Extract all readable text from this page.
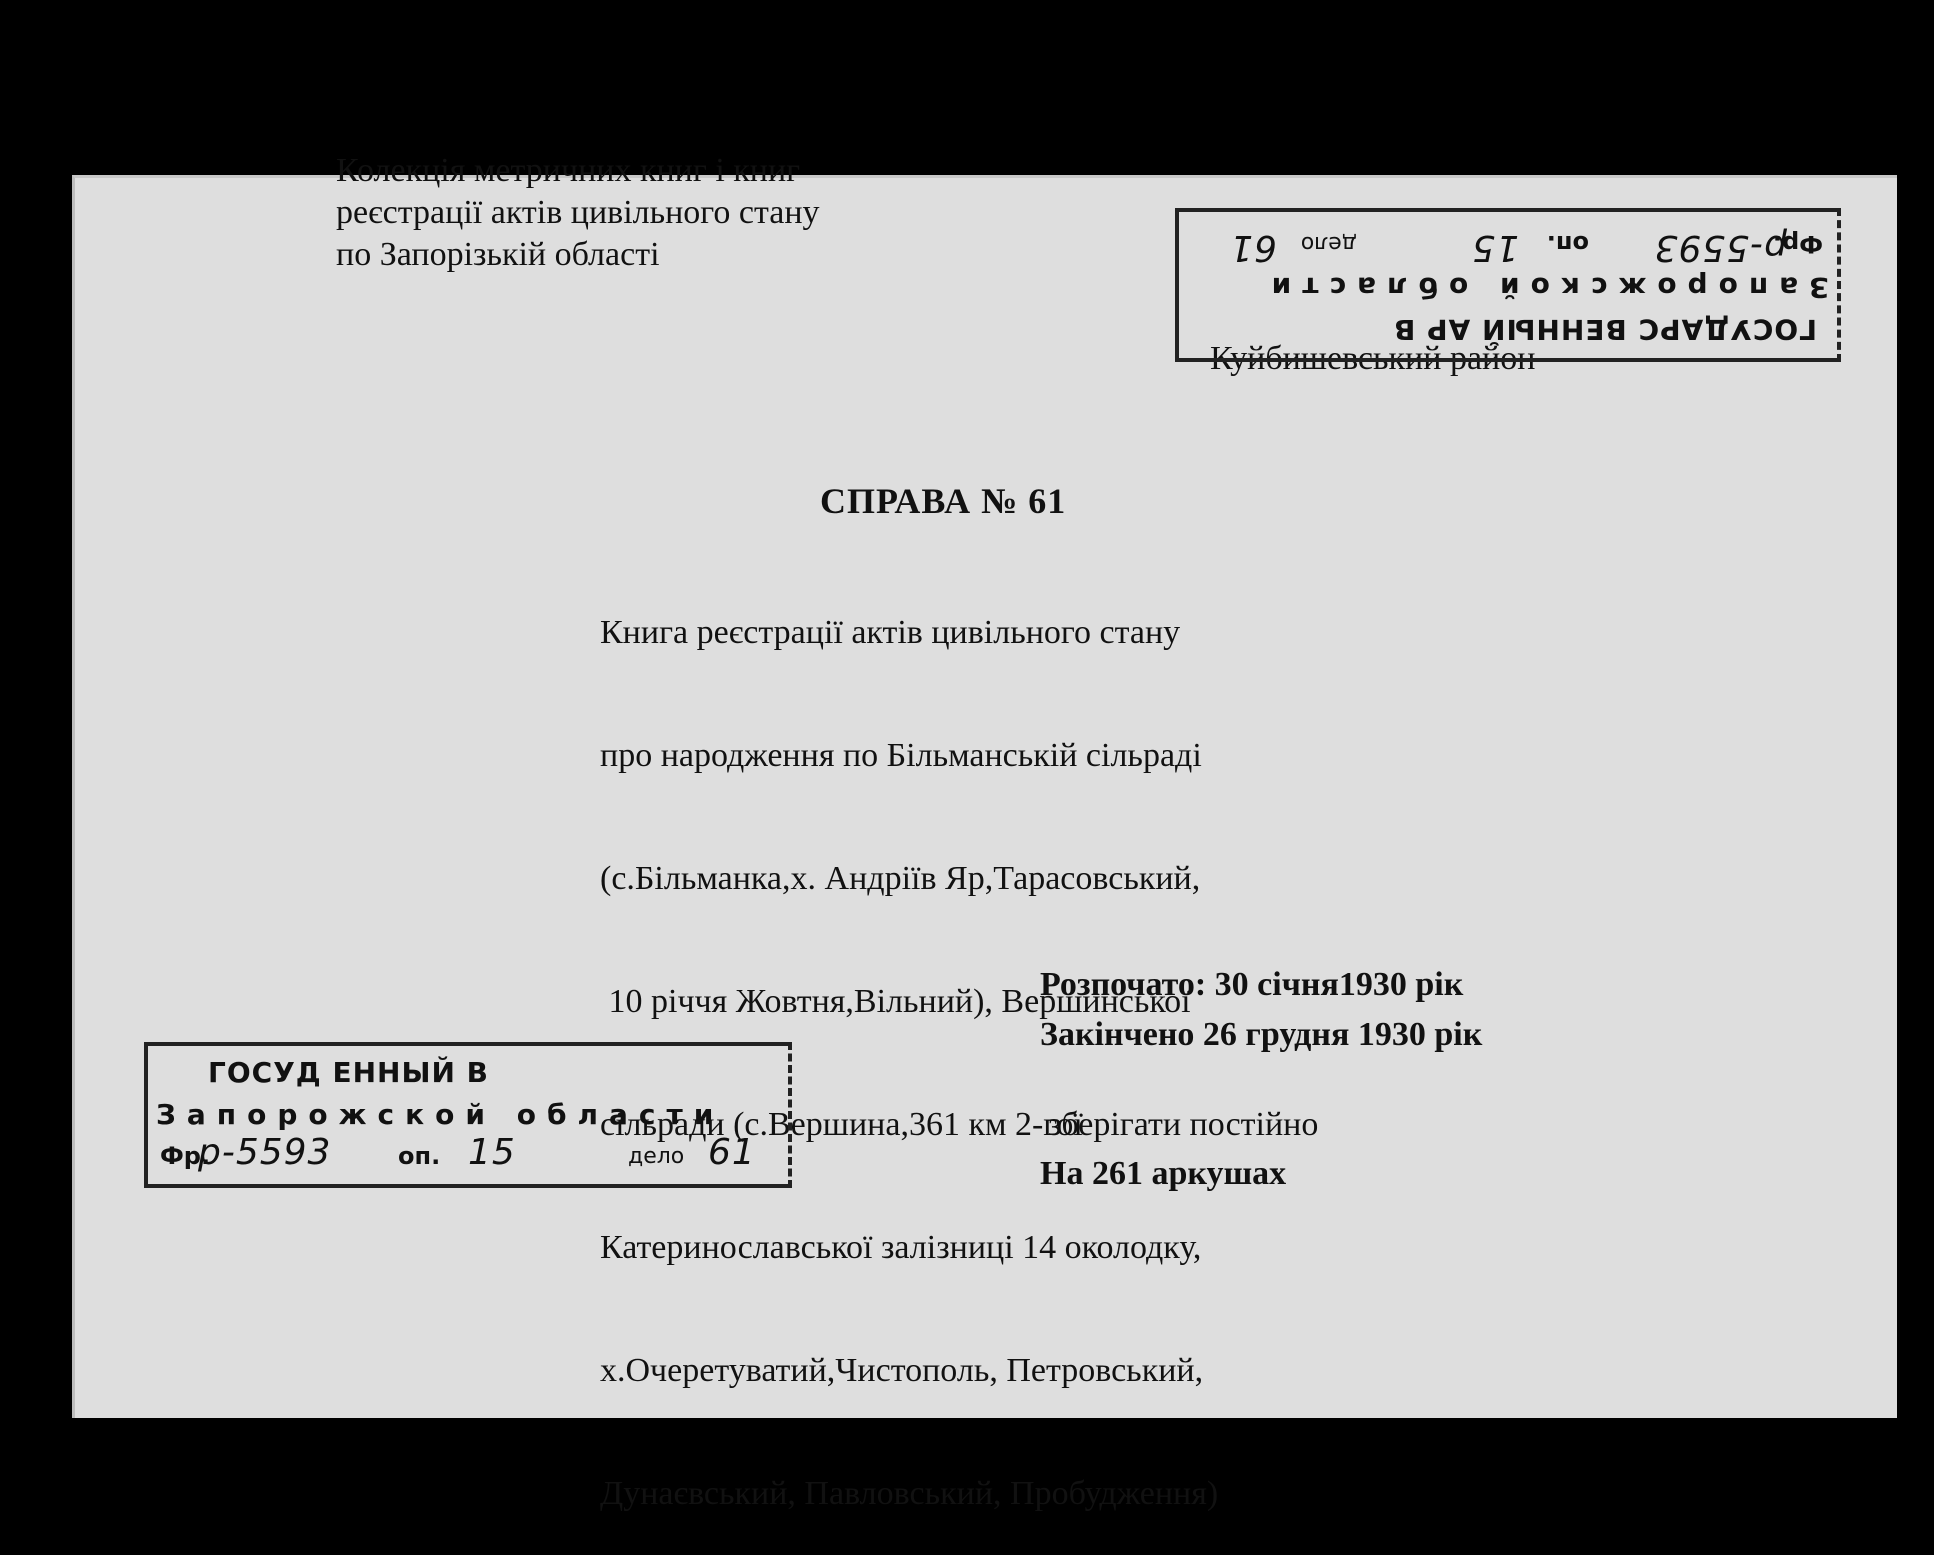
Колекція метричних книг і книг
реєстрації актів цивільного стану
по Запорізькій області
Куйбишевський район
СПРАВА № 61

Книга реєстрації актів цивільного стану

про народження по Більманській сільраді

(с.Більманка,х. Андріїв Яр,Тарасовський,

10 річчя Жовтня,Вільний), Вершинської

сільради (с.Вершина,361 км 2-гої

Катеринославської залізниці 14 околодку,

х.Очеретуватий,Чистополь, Петровський,

Дунаєвський, Павловський, Пробудження)

Розпочато: 30 січня1930 рік
Закінчено 26 грудня 1930 рік
зберігати постійно
На 261 аркушах
ГОСУД ЕННЫЙ В
Запорожской области
Фр.
р-5593	оп. 15	дело 61
ГОСУДАРС ВЕННЫЙ АР В
Запорожской области
Фр.
р-5593
оп.
15
дело
61
